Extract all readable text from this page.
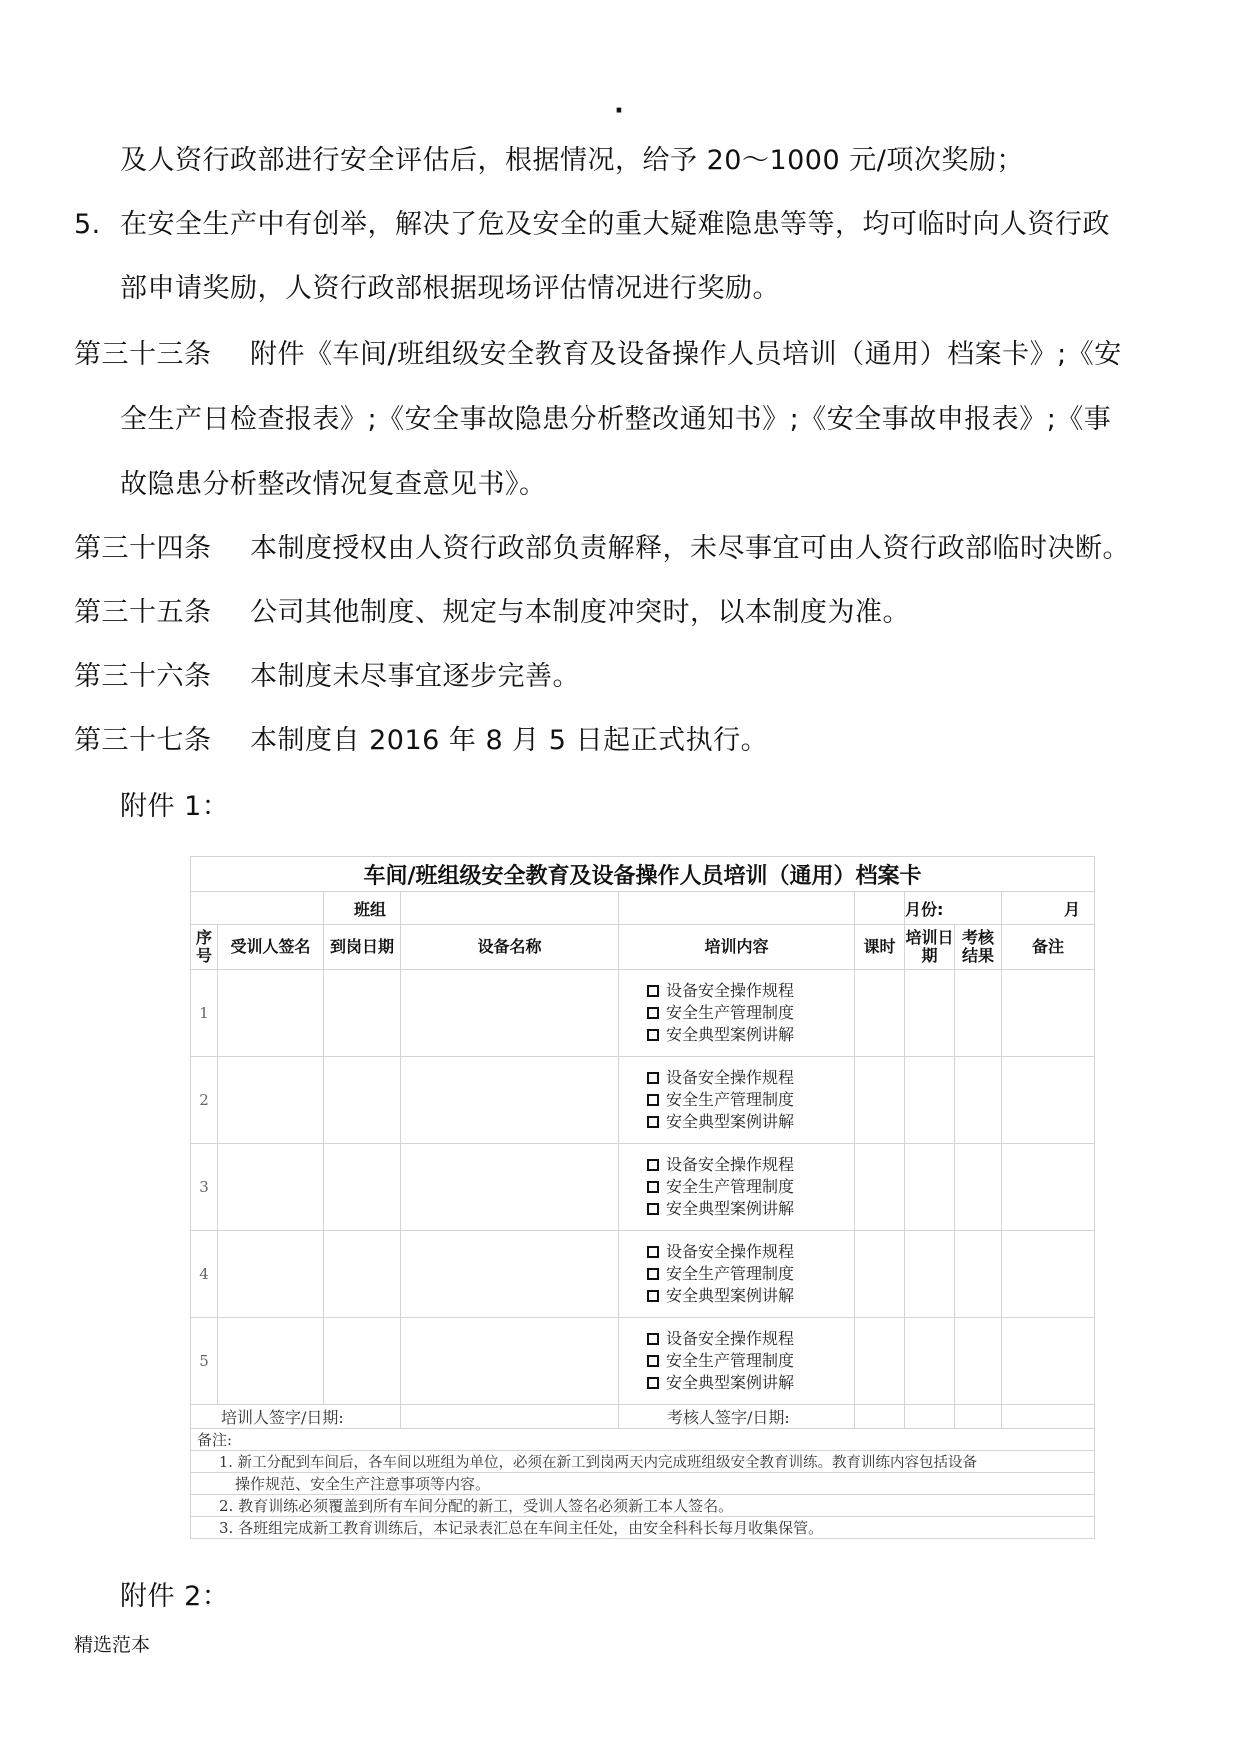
·
及人资行政部进行安全评估后，根据情况，给予 20～1000 元/项次奖励；
5. 在安全生产中有创举，解决了危及安全的重大疑难隐患等等，均可临时向人资行政
部申请奖励，人资行政部根据现场评估情况进行奖励。
第三十三条 附件《车间/班组级安全教育及设备操作人员培训（通用）档案卡》;《安
全生产日检查报表》;《安全事故隐患分析整改通知书》;《安全事故申报表》;《事
故隐患分析整改情况复查意见书》。
第三十四条 本制度授权由人资行政部负责解释，未尽事宜可由人资行政部临时决断。
第三十五条 公司其他制度、规定与本制度冲突时，以本制度为准。
第三十六条 本制度未尽事宜逐步完善。
第三十七条 本制度自 2016 年 8 月 5 日起正式执行。
附件 1：
车间/班组级安全教育及设备操作人员培训（通用）档案卡								
		班组				月份:		月
序号	受训人签名	到岗日期	设备名称	培训内容	课时	培训日期	考核结果	备注
1				设备安全操作规程
安全生产管理制度
安全典型案例讲解				

2				设备安全操作规程
安全生产管理制度
安全典型案例讲解				

3				设备安全操作规程
安全生产管理制度
安全典型案例讲解				

4				设备安全操作规程
安全生产管理制度
安全典型案例讲解				

5				设备安全操作规程
安全生产管理制度
安全典型案例讲解				

培训人签字/日期:				考核人签字/日期:				
备注:								
1. 新工分配到车间后，各车间以班组为单位，必须在新工到岗两天内完成班组级安全教育训练。教育训练内容包括设备								
操作规范、安全生产注意事项等内容。								
2. 教育训练必须覆盖到所有车间分配的新工，受训人签名必须新工本人签名。								
3. 各班组完成新工教育训练后，本记录表汇总在车间主任处，由安全科科长每月收集保管。								
附件 2：
精选范本
